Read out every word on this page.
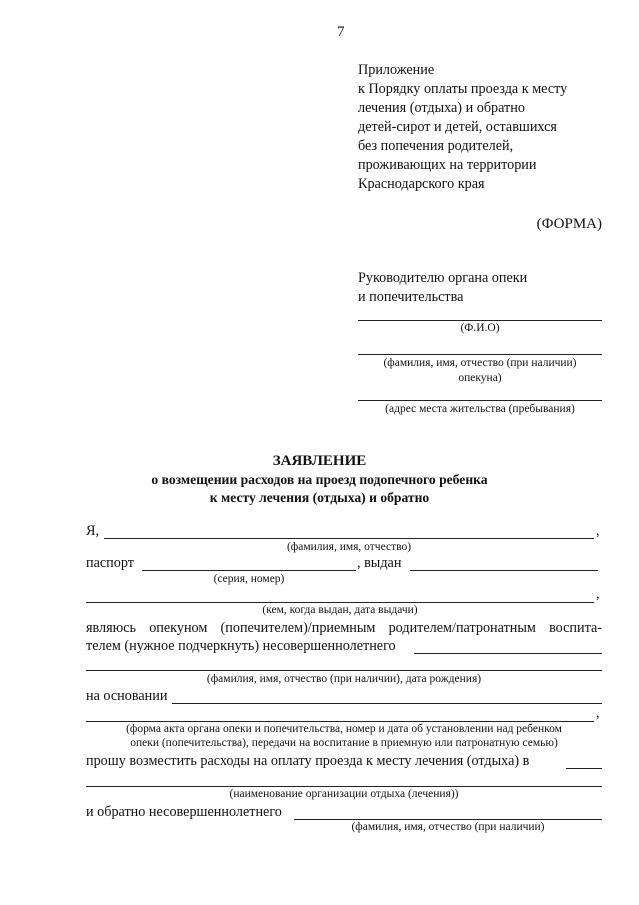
7
Приложение
к Порядку оплаты проезда к месту
лечения (отдыха) и обратно
детей-сирот и детей, оставшихся
без попечения родителей,
проживающих на территории
Краснодарского края
(ФОРМА)
Руководителю органа опеки
и попечительства
(Ф.И.О)
(фамилия, имя, отчество (при наличии)
опекуна)
(адрес места жительства (пребывания)
ЗАЯВЛЕНИЕ
о возмещении расходов на проезд подопечного ребенка
к месту лечения (отдыха) и обратно
Я,	,
(фамилия, имя, отчество)
паспорт	, выдан
(серия, номер)
,
(кем, когда выдан, дата выдачи)
являюсь опекуном (попечителем)/приемным родителем/патронатным воспита-
телем (нужное подчеркнуть) несовершеннолетнего
(фамилия, имя, отчество (при наличии), дата рождения)
на основании
,
(форма акта органа опеки и попечительства, номер и дата об установлении над ребенком
опеки (попечительства), передачи на воспитание в приемную или патронатную семью)
прошу возместить расходы на оплату проезда к месту лечения (отдыха) в
(наименование организации отдыха (лечения))
и обратно несовершеннолетнего
(фамилия, имя, отчество (при наличии)
